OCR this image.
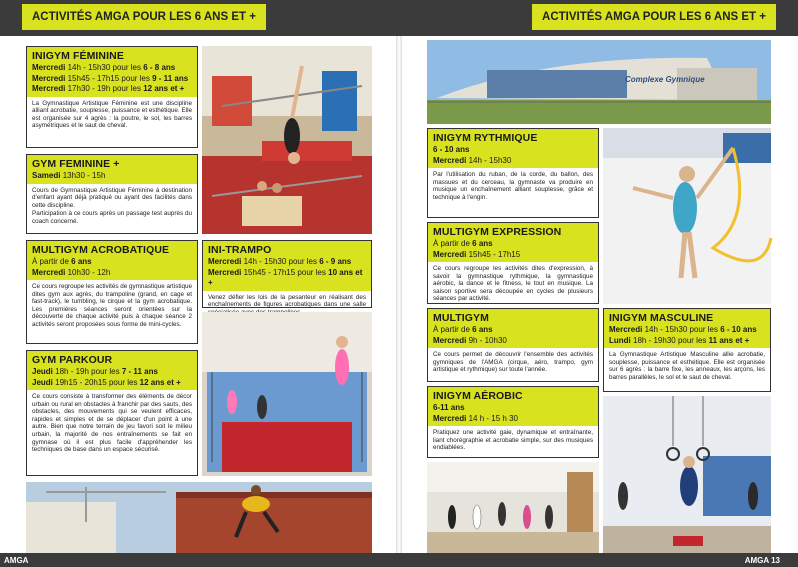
ACTIVITÉS AMGA POUR LES 6 ANS ET +
INIGYM FÉMININE
Mercredi 14h - 15h30 pour les 6 - 8 ans
Mercredi 15h45 - 17h15 pour les 9 - 11 ans
Mercredi 17h30 - 19h pour les 12 ans et +
La Gymnastique Artistique Féminine est une discipline alliant acrobatie, souplesse, puissance et esthétique. Elle est organisée sur 4 agrès : la poutre, le sol, les barres asymétriques et le saut de cheval.
GYM FEMININE +
Samedi 13h30 - 15h

Cours de Gymnastique Artistique Féminine à destination d'enfant ayant déjà pratiqué ou ayant des facilités dans cette discipline.

Participation à ce cours après un passage test auprès du coach concerné.

MULTIGYM ACROBATIQUE
À partir de 6 ans
Mercredi 10h30 - 12h
Ce cours regroupe les activités de gymnastique artistique dites gym aux agrès, du trampoline (grand, en cage et fast-track), le tumbling, le cirque et la gym acrobatique. Les premières séances seront orientées sur la découverte de chaque activité puis à chaque séance 2 activités seront proposées sous forme de mini-cycles.
GYM PARKOUR
Jeudi 18h - 19h pour les 7 - 11 ans
Jeudi 19h15 - 20h15 pour les 12 ans et +
Ce cours consiste à transformer des éléments de décor urbain ou rural en obstacles à franchir par des sauts, des obstacles, des mouvements qui se veulent efficaces, rapides et simples et de se déplacer d'un point à une autre. Bien que notre terrain de jeu favori soit le milieu urbain, la majorité de nos entraînements se fait en gymnase où il est plus facile d'appréhender les techniques de base dans un espace sécurisé.
INI-TRAMPO
Mercredi 14h - 15h30 pour les 6 - 9 ans
Mercredi 15h45 - 17h15 pour les 10 ans et +
Venez défier les lois de la pesanteur en réalisant des enchaînements de figures acrobatiques dans une salle
AMGA
ACTIVITÉS AMGA POUR LES 6 ANS ET +
Complexe Gymnique
INIGYM RYTHMIQUE
6 - 10 ans
Mercredi 14h - 15h30
Par l'utilisation du ruban, de la corde, du ballon, des massues et du cerceau, la gymnaste va produire en musique un enchaînement alliant souplesse, grâce et technique à l'engin.
MULTIGYM EXPRESSION
À partir de 6 ans
Mercredi 15h45 - 17h15
Ce cours regroupe les activités dites d'expression, à savoir la gymnastique rythmique, la gymnastique aérobic, la dance et le fitness, le tout en musique. La saison sportive sera découpée en cycles de plusieurs séances par activité.
MULTIGYM
À partir de 6 ans
Mercredi 9h - 10h30
Ce cours permet de découvrir l'ensemble des activités gymniques de l'AMGA (cirque, aéro, trampo, gym artistique et rythmique) sur toute l'année.
INIGYM AÉROBIC
6-11 ans
Mercredi 14 h - 15 h 30
Pratiquez une activité gaie, dynamique et entraînante, liant chorégraphie et acrobatie simple, sur des musiques endiablées.
INIGYM MASCULINE
Mercredi 14h - 15h30 pour les 6 - 10 ans
Lundi 18h - 19h30 pour les 11 ans et +
La Gymnastique Artistique Masculine allie acrobatie, souplesse, puissance et esthétique. Elle est organisée sur 6 agrès : la barre fixe, les anneaux, les arçons, les barres parallèles, le sol et le saut de cheval.
AMGA 13
